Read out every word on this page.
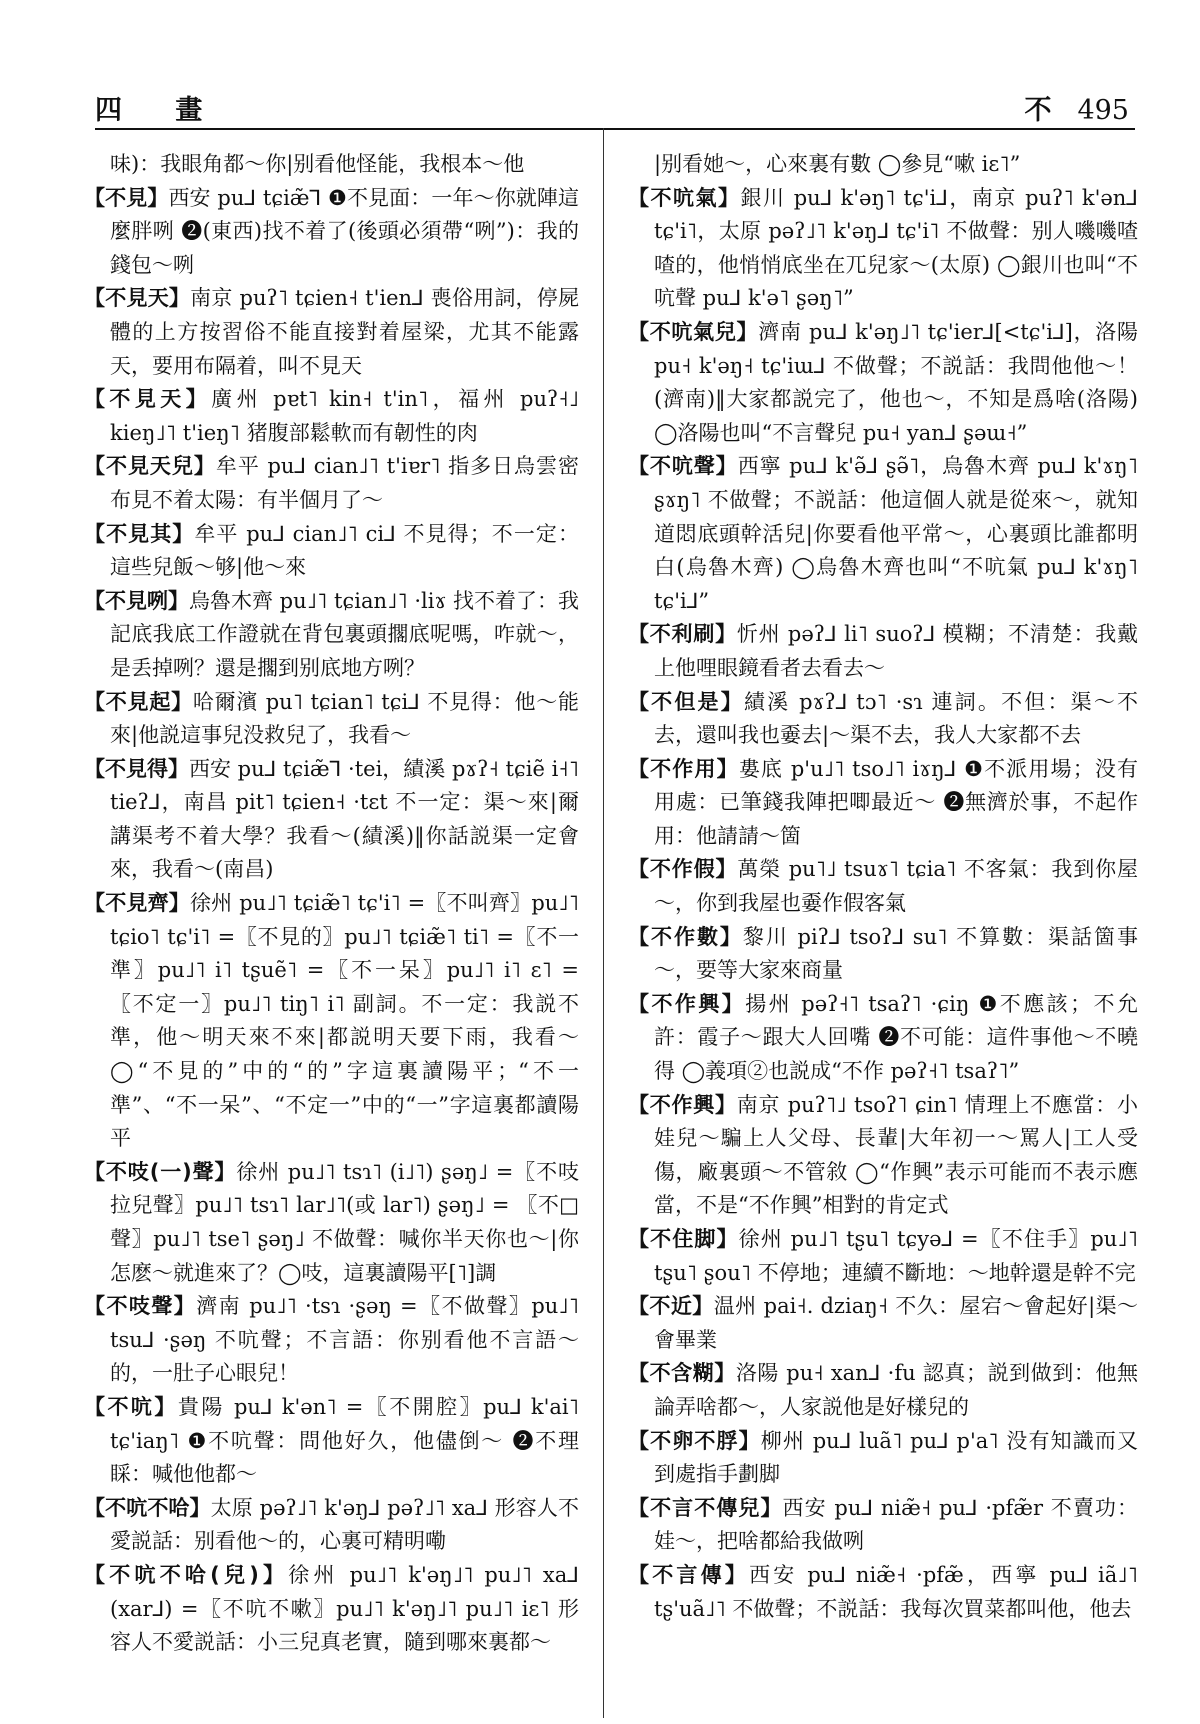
四 畫	不 495

味)：我眼角都～你|别看他怪能，我根本～他

【不見】西安 pu⅃ tɕiæ̃⅂ ❶不見面：一年～你就陣這麼胖咧 ❷(東西)找不着了(後頭必須帶“咧”)：我的錢包～咧

【不見天】南京 puʔ˥ tɕien˧ t'ien⅃ 喪俗用詞，停屍體的上方按習俗不能直接對着屋梁，尤其不能露天，要用布隔着，叫不見天

【不見天】廣州 pɐt˥ kin˧ t'in˥，福州 puʔ˧˩ kieŋ˩˥ t'ieŋ˥ 猪腹部鬆軟而有韌性的肉

【不見天兒】牟平 pu⅃ cian˩˥ t'iɐr˥ 指多日烏雲密布見不着太陽：有半個月了～

【不見其】牟平 pu⅃ cian˩˥ ci⅃ 不見得；不一定：這些兒飯～够|他～來

【不見咧】烏魯木齊 pu˩˥ tɕian˩˥ ·liɤ 找不着了：我記底我底工作證就在背包裏頭擱底呢嗎，咋就～，是丢掉咧？還是擱到别底地方咧？

【不見起】哈爾濱 pu˥ tɕian˥ tɕi⅃ 不見得：他～能來|他説這事兒没救兒了，我看～

【不見得】西安 pu⅃ tɕiæ̃⅂ ·tei，績溪 pɤʔ˧ tɕiẽ i˧˥ tieʔ⅃，南昌 pit˥ tɕien˧ ·tɛt 不一定：渠～來|爾講渠考不着大學？我看～(績溪)‖你話説渠一定會來，我看～(南昌)

【不見齊】徐州 pu˩˥ tɕiæ̃˥ tɕ'i˥ =〖不叫齊〗pu˩˥ tɕio˥ tɕ'i˥ =〖不見的〗pu˩˥ tɕiæ̃˥ ti˥ =〖不一準〗pu˩˥ i˥ tʂuẽ˥ =〖不一呆〗pu˩˥ i˥ ɛ˥ =〖不定一〗pu˩˥ tiŋ˥ i˥ 副詞。不一定：我説不準，他～明天來不來|都説明天要下雨，我看～ ◯“不見的”中的“的”字這裏讀陽平；“不一準”、“不一呆”、“不定一”中的“一”字這裏都讀陽平

【不吱(一)聲】徐州 pu˩˥ tsɿ˥ (i˩˥) ʂəŋ˩ =〖不吱拉兒聲〗pu˩˥ tsɿ˥ lar˩˥(或 lar˥) ʂəŋ˩ = 〖不□聲〗pu˩˥ tse˥ ʂəŋ˩ 不做聲：喊你半天你也～|你怎麽～就進來了？◯吱，這裏讀陽平[˥]調

【不吱聲】濟南 pu˩˥ ·tsɿ ·ʂəŋ =〖不做聲〗pu˩˥ tsu⅃ ·ʂəŋ 不吭聲；不言語：你别看他不言語～的，一肚子心眼兒！

【不吭】貴陽 pu⅃ k'ən˥ =〖不開腔〗pu⅃ k'ai˥ tɕ'iaŋ˥ ❶不吭聲：問他好久，他儘倒～ ❷不理睬：喊他他都～

【不吭不哈】太原 pəʔ˩˥ k'əŋ⅃ pəʔ˩˥ xa⅃ 形容人不愛説話：别看他～的，心裏可精明嘞

【不吭不哈(兒)】徐州 pu˩˥ k'əŋ˩˥ pu˩˥ xa⅃ (xar⅃) =〖不吭不嗽〗pu˩˥ k'əŋ˩˥ pu˩˥ iɛ˥ 形容人不愛説話：小三兒真老實，隨到哪來裏都～

|别看她～，心來裏有數 ◯參見“嗽 iɛ˥”

【不吭氣】銀川 pu⅃ k'əŋ˥ tɕ'i⅃，南京 puʔ˥ k'ən⅃ tɕ'i˥，太原 pəʔ˩˥ k'əŋ⅃ tɕ'i˥ 不做聲：别人嘰嘰喳喳的，他悄悄底坐在兀兒家～(太原) ◯銀川也叫“不吭聲 pu⅃ k'ə˥ ʂəŋ˥”

【不吭氣兒】濟南 pu⅃ k'əŋ˩˥ tɕ'ier⅃[<tɕ'i⅃]，洛陽 pu˧ k'əŋ˧ tɕ'iɯ⅃ 不做聲；不説話：我問他他～！(濟南)‖大家都説完了，他也～，不知是爲啥(洛陽) ◯洛陽也叫“不言聲兒 pu˧ yan⅃ ʂəɯ˧”

【不吭聲】西寧 pu⅃ k'ə̃⅃ ʂə̃˥，烏魯木齊 pu⅃ k'ɤŋ˥ ʂɤŋ˥ 不做聲；不説話：他這個人就是從來～，就知道悶底頭幹活兒|你要看他平常～，心裏頭比誰都明白(烏魯木齊) ◯烏魯木齊也叫“不吭氣 pu⅃ k'ɤŋ˥ tɕ'i⅃”

【不利刷】忻州 pəʔ⅃ li˥ suoʔ⅃ 模糊；不清楚：我戴上他哩眼鏡看者去看去～

【不但是】績溪 pɤʔ⅃ tɔ˥ ·sɿ 連詞。不但：渠～不去，還叫我也嫑去|～渠不去，我人大家都不去

【不作用】婁底 p'u˩˥ tso˩˥ iɤŋ⅃ ❶不派用場；没有用處：已筆錢我陣把唧最近～ ❷無濟於事，不起作用：他請請～箇

【不作假】萬榮 pu˥˩ tsuɤ˥ tɕia˥ 不客氣：我到你屋～，你到我屋也嫑作假客氣

【不作數】黎川 piʔ⅃ tsoʔ⅃ su˥ 不算數：渠話箇事～，要等大家來商量

【不作興】揚州 pəʔ˧˥ tsaʔ˥ ·ɕiŋ ❶不應該；不允許：霞子～跟大人回嘴 ❷不可能：這件事他～不曉得 ◯義項②也説成“不作 pəʔ˧˥ tsaʔ˥”

【不作興】南京 puʔ˥˩ tsoʔ˥ ɕin˥ 情理上不應當：小娃兒～騙上人父母、長輩|大年初一～罵人|工人受傷，廠裏頭～不管敘 ◯“作興”表示可能而不表示應當，不是“不作興”相對的肯定式

【不住脚】徐州 pu˩˥ tʂu˥ tɕyə⅃ =〖不住手〗pu˩˥ tʂu˥ ʂou˥ 不停地；連續不斷地：～地幹還是幹不完

【不近】温州 pai˧. dziaŋ˧ 不久：屋宕～會起好|渠～會畢業

【不含糊】洛陽 pu˧ xan⅃ ·fu 認真；説到做到：他無論弄啥都～，人家説他是好樣兒的

【不卵不脬】柳州 pu⅃ luã˥ pu⅃ p'a˥ 没有知識而又到處指手劃脚

【不言不傳兒】西安 pu⅃ niæ̃˧ pu⅃ ·pfæ̃r 不賣功：娃～，把啥都給我做咧

【不言傳】西安 pu⅃ niæ̃˧ ·pfæ̃，西寧 pu⅃ iã˩˥ tʂ'uã˩˥ 不做聲；不説話：我每次買菜都叫他，他去
